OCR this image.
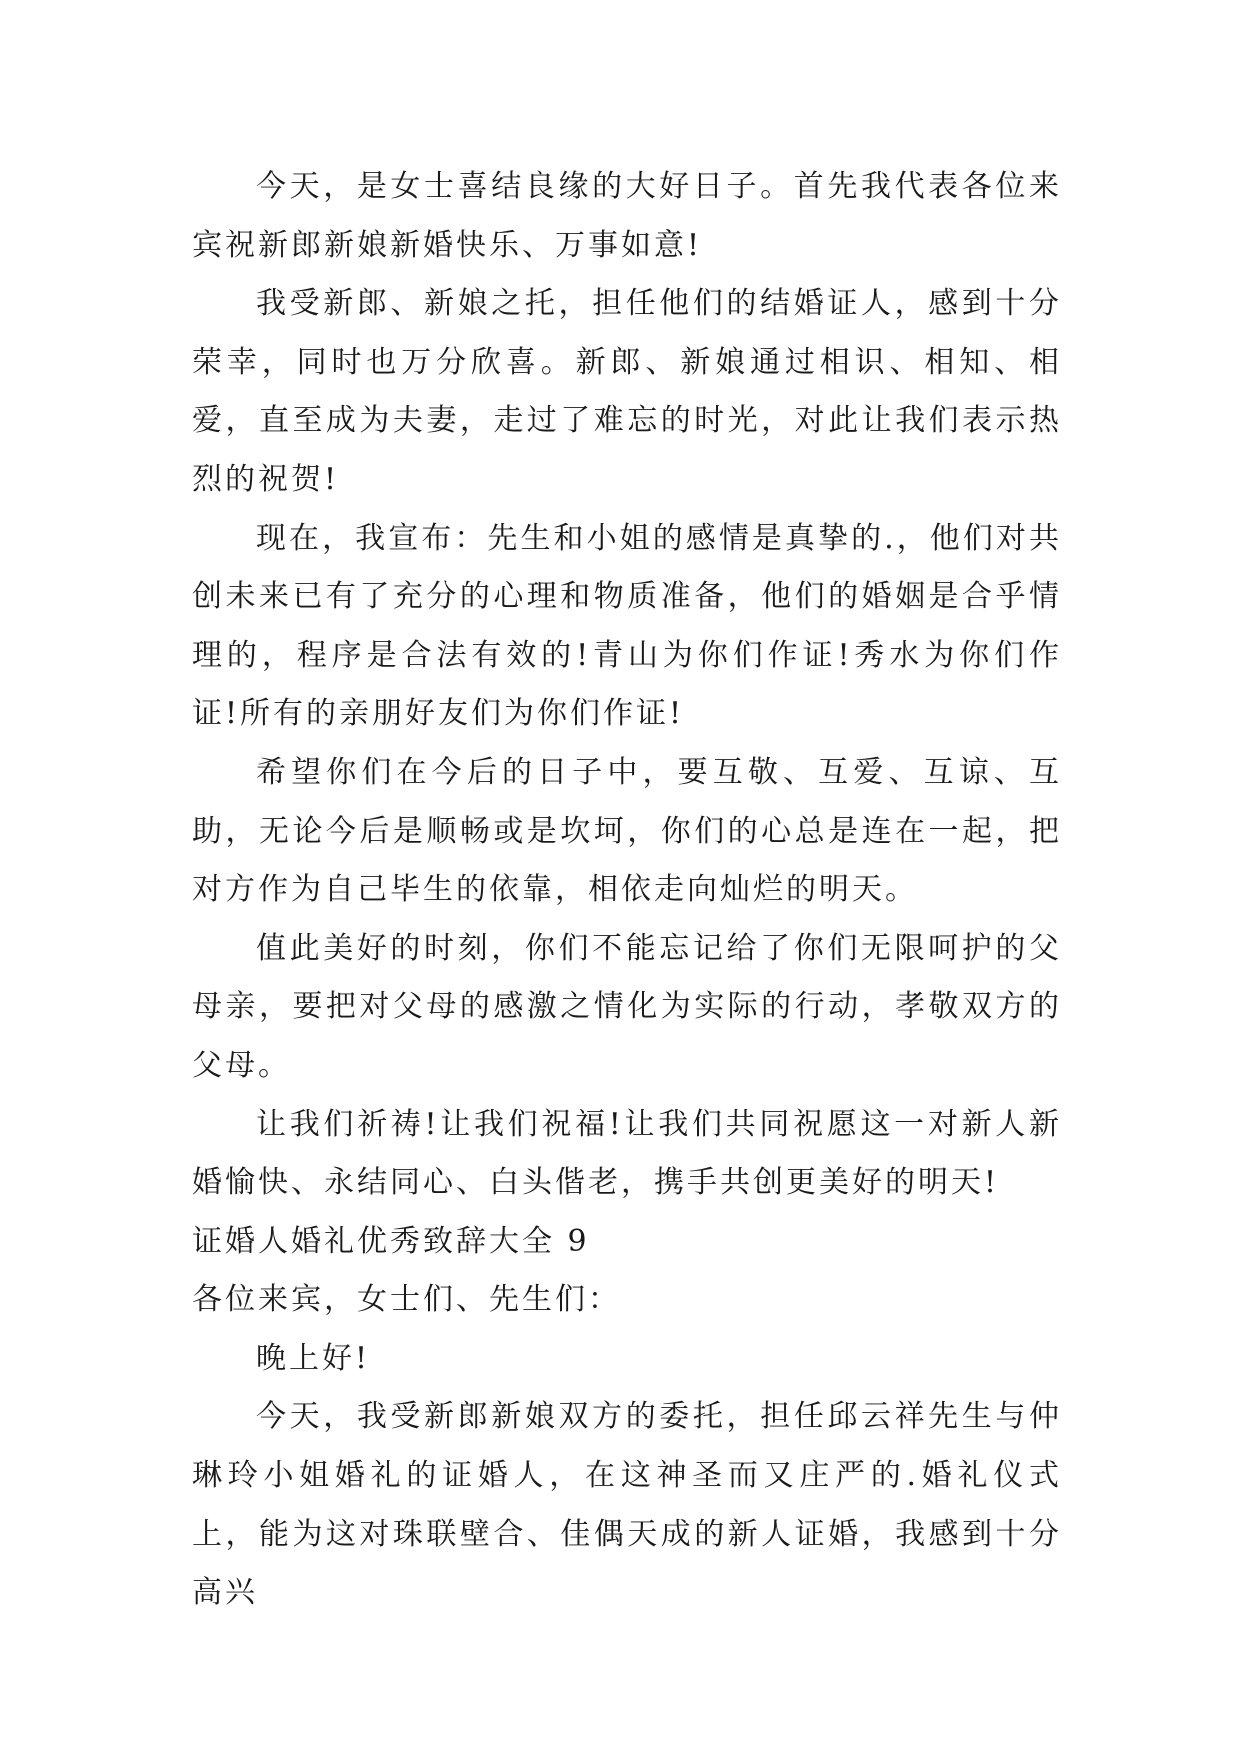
今天，是女士喜结良缘的大好日子。首先我代表各位来宾祝新郎新娘新婚快乐、万事如意!

我受新郎、新娘之托，担任他们的结婚证人，感到十分荣幸，同时也万分欣喜。新郎、新娘通过相识、相知、相爱，直至成为夫妻，走过了难忘的时光，对此让我们表示热烈的祝贺!

现在，我宣布：先生和小姐的感情是真挚的.，他们对共创未来已有了充分的心理和物质准备，他们的婚姻是合乎情理的，程序是合法有效的!青山为你们作证!秀水为你们作证!所有的亲朋好友们为你们作证!

希望你们在今后的日子中，要互敬、互爱、互谅、互助，无论今后是顺畅或是坎坷，你们的心总是连在一起，把对方作为自己毕生的依靠，相依走向灿烂的明天。

值此美好的时刻，你们不能忘记给了你们无限呵护的父母亲，要把对父母的感激之情化为实际的行动，孝敬双方的父母。

让我们祈祷!让我们祝福!让我们共同祝愿这一对新人新婚愉快、永结同心、白头偕老，携手共创更美好的明天!

证婚人婚礼优秀致辞大全 9

各位来宾，女士们、先生们：

晚上好!

今天，我受新郎新娘双方的委托，担任邱云祥先生与仲琳玲小姐婚礼的证婚人，在这神圣而又庄严的.婚礼仪式上，能为这对珠联壁合、佳偶天成的新人证婚，我感到十分高兴
